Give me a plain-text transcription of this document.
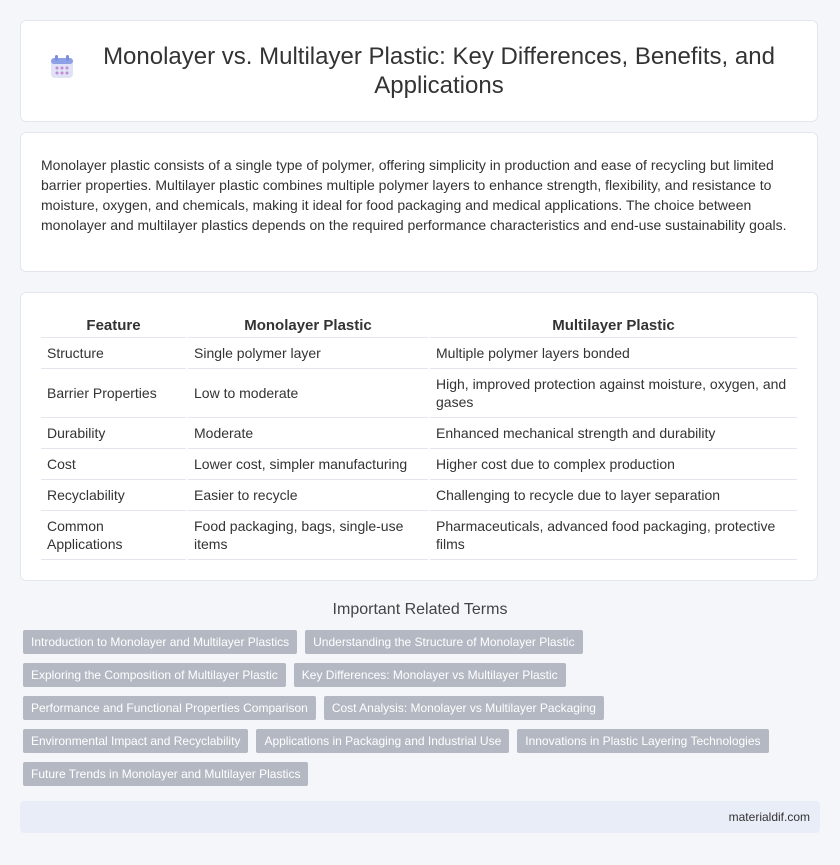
Monolayer vs. Multilayer Plastic: Key Differences, Benefits, and Applications

Monolayer plastic consists of a single type of polymer, offering simplicity in production and ease of recycling but limited barrier properties. Multilayer plastic combines multiple polymer layers to enhance strength, flexibility, and resistance to moisture, oxygen, and chemicals, making it ideal for food packaging and medical applications. The choice between monolayer and multilayer plastics depends on the required performance characteristics and end-use sustainability goals.

Feature	Monolayer Plastic	Multilayer Plastic
Structure	Single polymer layer	Multiple polymer layers bonded
Barrier Properties	Low to moderate	High, improved protection against moisture, oxygen, and gases
Durability	Moderate	Enhanced mechanical strength and durability
Cost	Lower cost, simpler manufacturing	Higher cost due to complex production
Recyclability	Easier to recycle	Challenging to recycle due to layer separation
Common Applications	Food packaging, bags, single-use items	Pharmaceuticals, advanced food packaging, protective films
Important Related Terms
Introduction to Monolayer and Multilayer Plastics	Understanding the Structure of Monolayer Plastic
Exploring the Composition of Multilayer Plastic	Key Differences: Monolayer vs Multilayer Plastic
Performance and Functional Properties Comparison	Cost Analysis: Monolayer vs Multilayer Packaging
Environmental Impact and Recyclability	Applications in Packaging and Industrial Use	Innovations in Plastic Layering Technologies
Future Trends in Monolayer and Multilayer Plastics
materialdif.com
